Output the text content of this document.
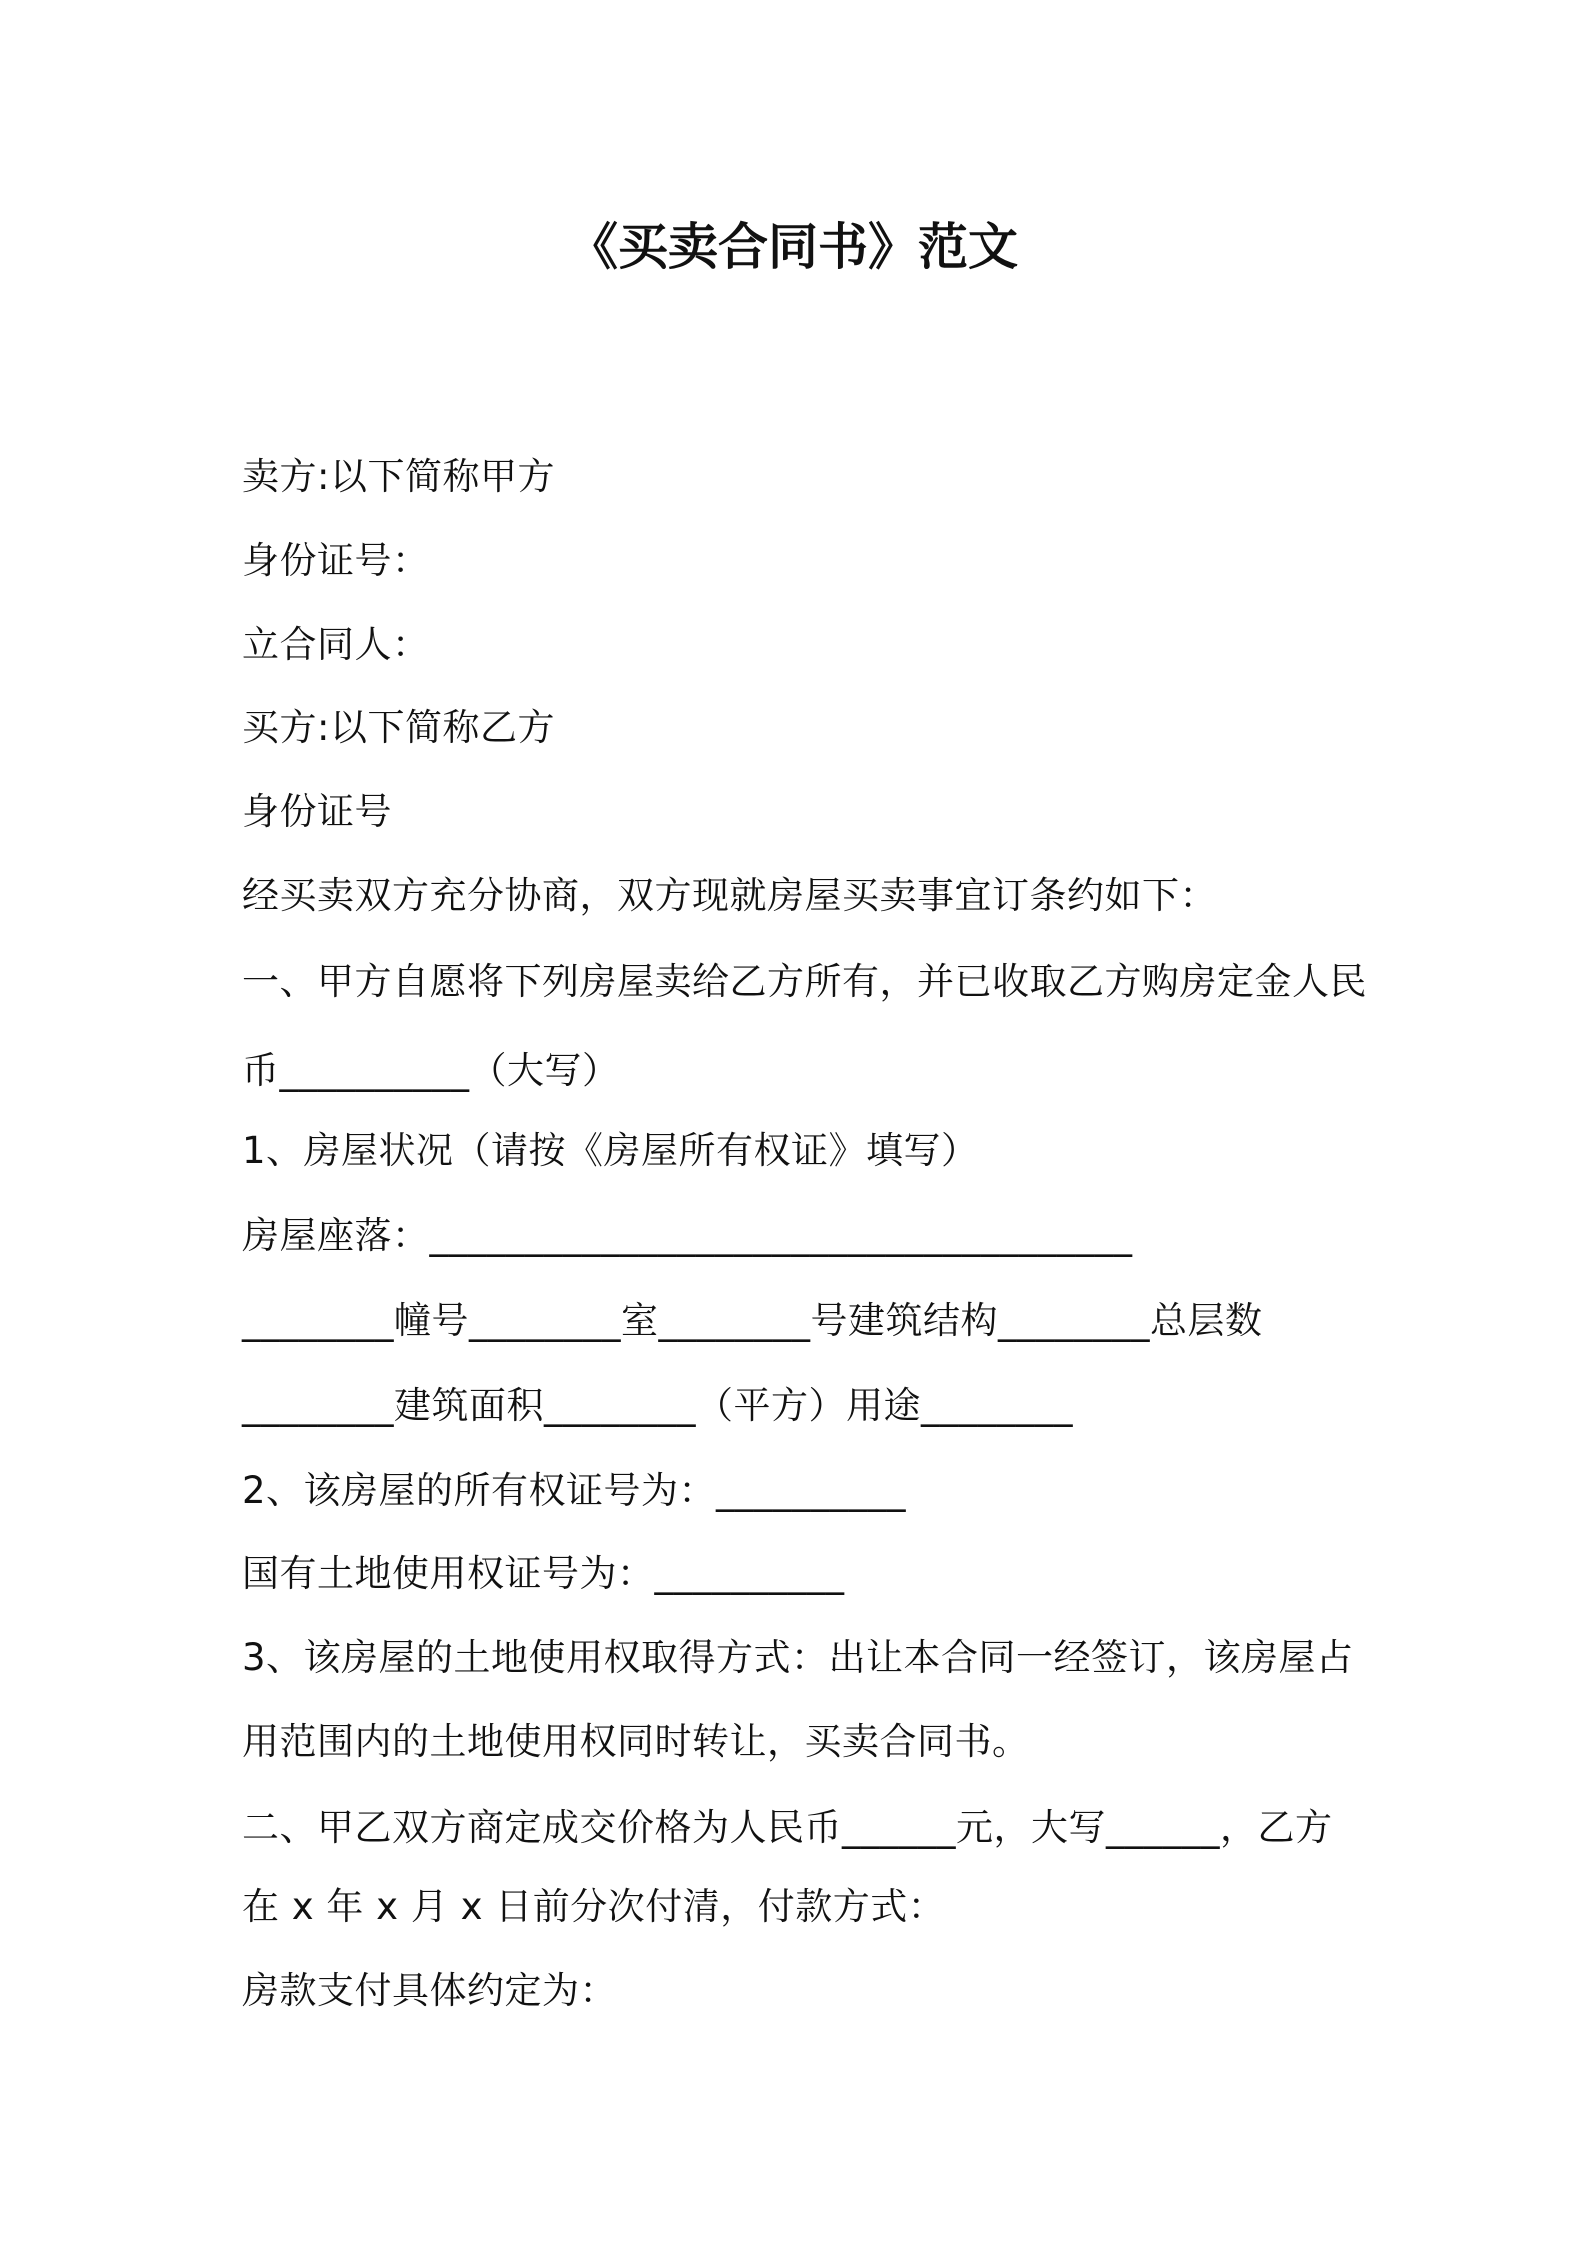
《买卖合同书》范文
卖方:以下简称甲方
身份证号：
立合同人：
买方:以下简称乙方
身份证号
经买卖双方充分协商，双方现就房屋买卖事宜订条约如下：
一、甲方自愿将下列房屋卖给乙方所有，并已收取乙方购房定金人民
币__________（大写）
1、房屋状况（请按《房屋所有权证》填写）
房屋座落：_____________________________________
________幢号________室________号建筑结构________总层数
________建筑面积________（平方）用途________
2、该房屋的所有权证号为：__________
国有土地使用权证号为：__________
3、该房屋的土地使用权取得方式：出让本合同一经签订，该房屋占
用范围内的土地使用权同时转让，买卖合同书。
二、甲乙双方商定成交价格为人民币______元，大写______，乙方
在 x 年 x 月 x 日前分次付清，付款方式：
房款支付具体约定为：
